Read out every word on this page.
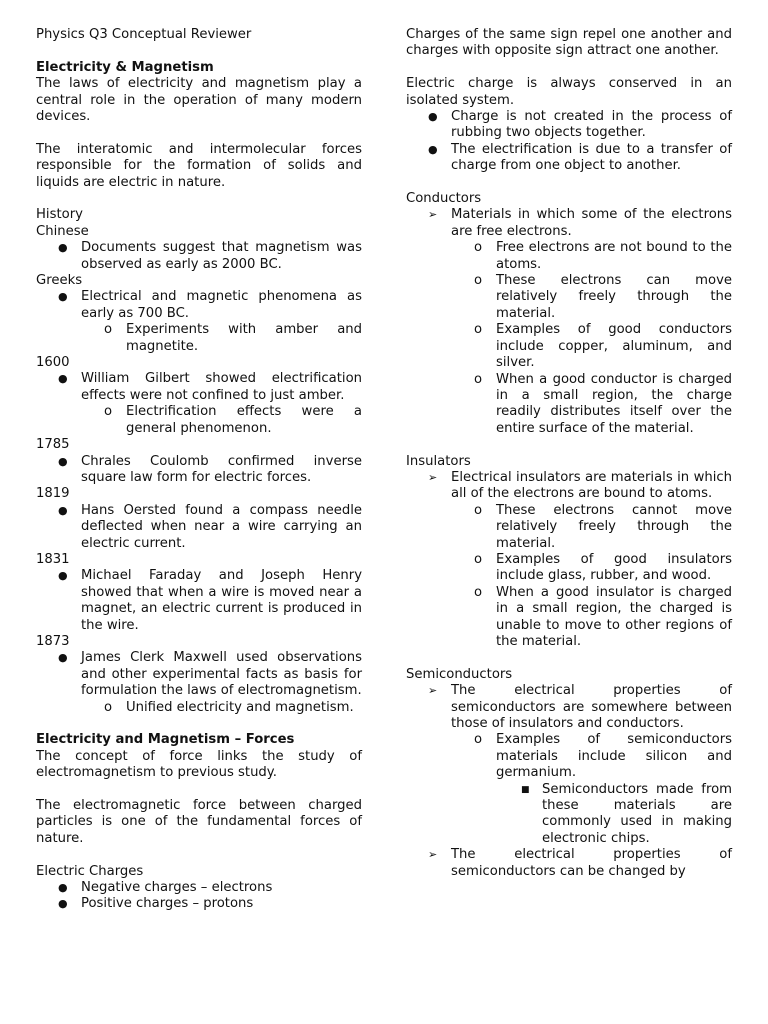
Physics Q3 Conceptual Reviewer

Electricity & Magnetism

The laws of electricity and magnetism play a central role in the operation of many modern devices.

The interatomic and intermolecular forces responsible for the formation of solids and liquids are electric in nature.

History

Chinese

● Documents suggest that magnetism was observed as early as 2000 BC.

Greeks

● Electrical and magnetic phenomena as early as 700 BC.
o Experiments with amber and magnetite.

1600

● William Gilbert showed electrification effects were not confined to just amber.
o Electrification effects were a general phenomenon.

1785

● Chrales Coulomb confirmed inverse square law form for electric forces.

1819

● Hans Oersted found a compass needle deflected when near a wire carrying an electric current.

1831

● Michael Faraday and Joseph Henry showed that when a wire is moved near a magnet, an electric current is produced in the wire.

1873

● James Clerk Maxwell used observations and other experimental facts as basis for formulation the laws of electromagnetism.
o Unified electricity and magnetism.

Electricity and Magnetism – Forces

The concept of force links the study of electromagnetism to previous study.

The electromagnetic force between charged particles is one of the fundamental forces of nature.

Electric Charges

● Negative charges – electrons
● Positive charges – protons

Charges of the same sign repel one another and charges with opposite sign attract one another.

Electric charge is always conserved in an isolated system.

● Charge is not created in the process of rubbing two objects together.
● The electrification is due to a transfer of charge from one object to another.

Conductors

➢ Materials in which some of the electrons are free electrons.
o Free electrons are not bound to the atoms.
o These electrons can move relatively freely through the material.
o Examples of good conductors include copper, aluminum, and silver.
o When a good conductor is charged in a small region, the charge readily distributes itself over the entire surface of the material.

Insulators

➢ Electrical insulators are materials in which all of the electrons are bound to atoms.
o These electrons cannot move relatively freely through the material.
o Examples of good insulators include glass, rubber, and wood.
o When a good insulator is charged in a small region, the charged is unable to move to other regions of the material.

Semiconductors

➢ The electrical properties of semiconductors are somewhere between those of insulators and conductors.
o Examples of semiconductors materials include silicon and germanium.
■ Semiconductors made from these materials are commonly used in making electronic chips.
➢ The electrical properties of semiconductors can be changed by
